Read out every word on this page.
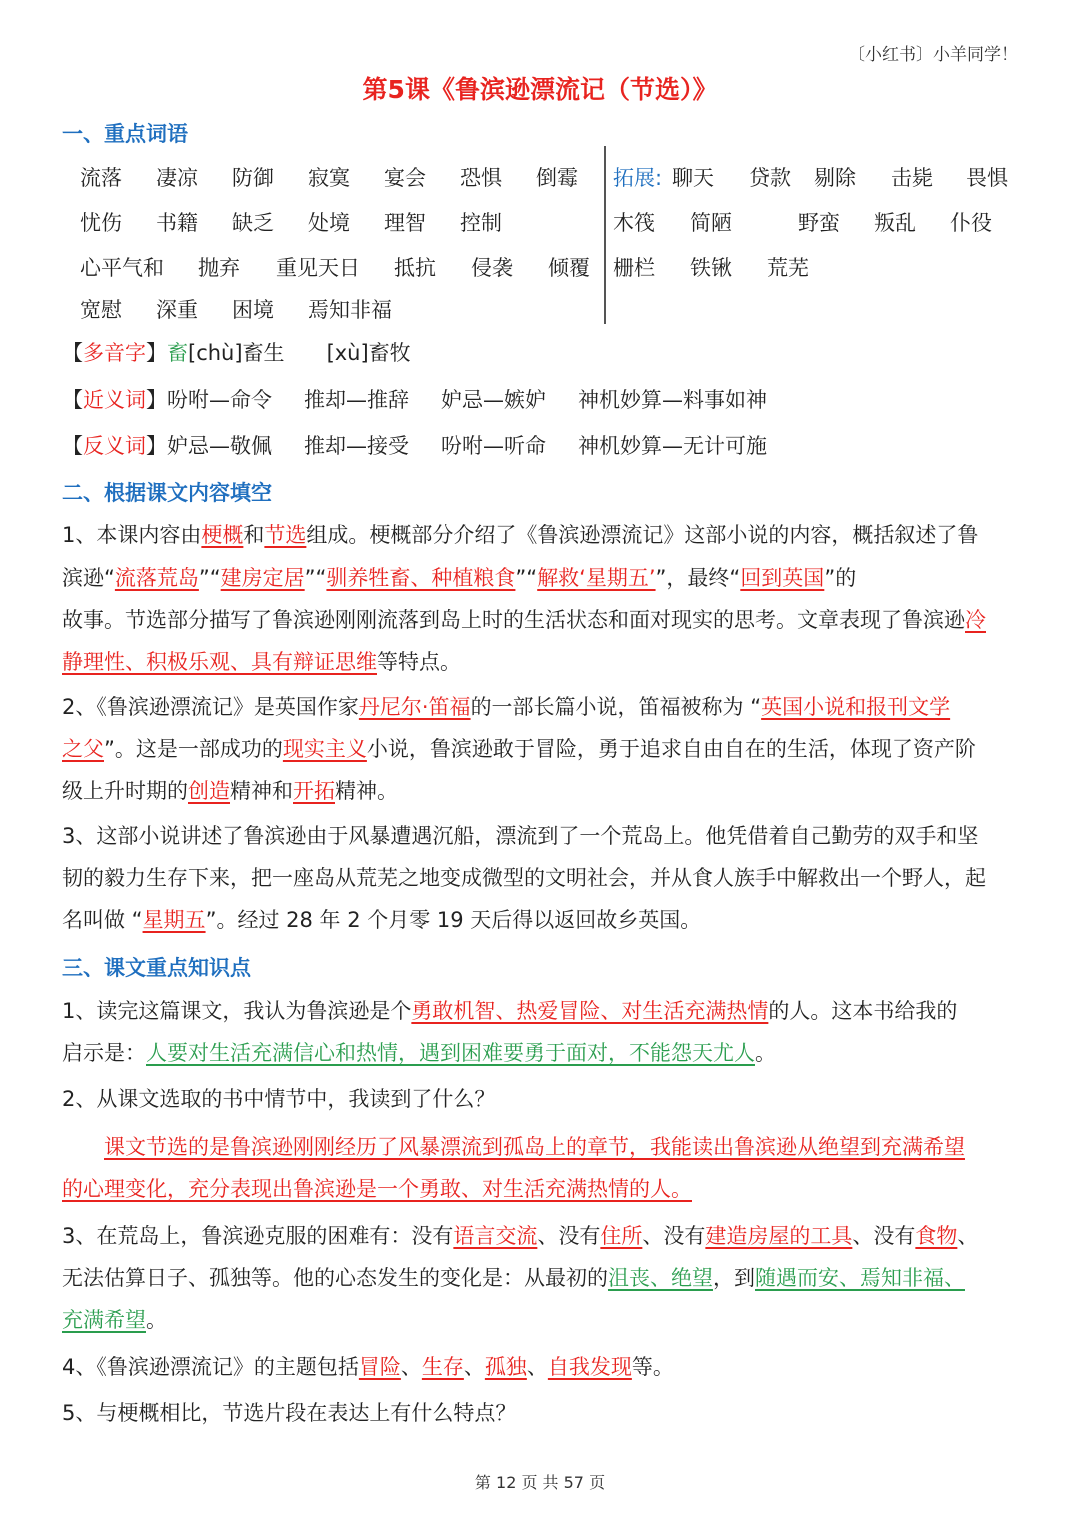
〔小红书〕小羊同学！
第5课《鲁滨逊漂流记（节选）》
一、重点词语
流落 凄凉 防御 寂寞 宴会 恐惧 倒霉
忧伤 书籍 缺乏 处境 理智 控制
心平气和 抛弃 重见天日 抵抗 侵袭 倾覆
宽慰 深重 困境 焉知非福
拓展: 聊天 贷款 剔除 击毙 畏惧
木筏 简陋	野蛮 叛乱 仆役
栅栏 铁锹 荒芜
【多音字】畜[chù]畜生 [xù]畜牧
【近义词】吩咐—命令 推却—推辞 妒忌—嫉妒 神机妙算—料事如神
【反义词】妒忌—敬佩 推却—接受 吩咐—听命 神机妙算—无计可施
二、根据课文内容填空
1、本课内容由梗概和节选组成。梗概部分介绍了《鲁滨逊漂流记》这部小说的内容，概括叙述了鲁
滨逊“流落荒岛”“建房定居”“驯养牲畜、种植粮食”“解救‘星期五’”，最终“回到英国”的
故事。节选部分描写了鲁滨逊刚刚流落到岛上时的生活状态和面对现实的思考。文章表现了鲁滨逊冷
静理性、积极乐观、具有辩证思维等特点。
2、《鲁滨逊漂流记》是英国作家丹尼尔·笛福的一部长篇小说，笛福被称为 “英国小说和报刊文学
之父”。这是一部成功的现实主义小说，鲁滨逊敢于冒险，勇于追求自由自在的生活，体现了资产阶
级上升时期的创造精神和开拓精神。
3、这部小说讲述了鲁滨逊由于风暴遭遇沉船，漂流到了一个荒岛上。他凭借着自己勤劳的双手和坚
韧的毅力生存下来，把一座岛从荒芜之地变成微型的文明社会，并从食人族手中解救出一个野人，起
名叫做 “星期五”。经过 28 年 2 个月零 19 天后得以返回故乡英国。
三、课文重点知识点
1、读完这篇课文，我认为鲁滨逊是个勇敢机智、热爱冒险、对生活充满热情的人。这本书给我的
启示是：人要对生活充满信心和热情，遇到困难要勇于面对，不能怨天尤人。
2、从课文选取的书中情节中，我读到了什么？
课文节选的是鲁滨逊刚刚经历了风暴漂流到孤岛上的章节，我能读出鲁滨逊从绝望到充满希望
的心理变化，充分表现出鲁滨逊是一个勇敢、对生活充满热情的人。
3、在荒岛上，鲁滨逊克服的困难有：没有语言交流、没有住所、没有建造房屋的工具、没有食物、
无法估算日子、孤独等。他的心态发生的变化是：从最初的沮丧、绝望，到随遇而安、焉知非福、
充满希望。
4、《鲁滨逊漂流记》的主题包括冒险、生存、孤独、自我发现等。
5、与梗概相比，节选片段在表达上有什么特点？
第 12 页 共 57 页
